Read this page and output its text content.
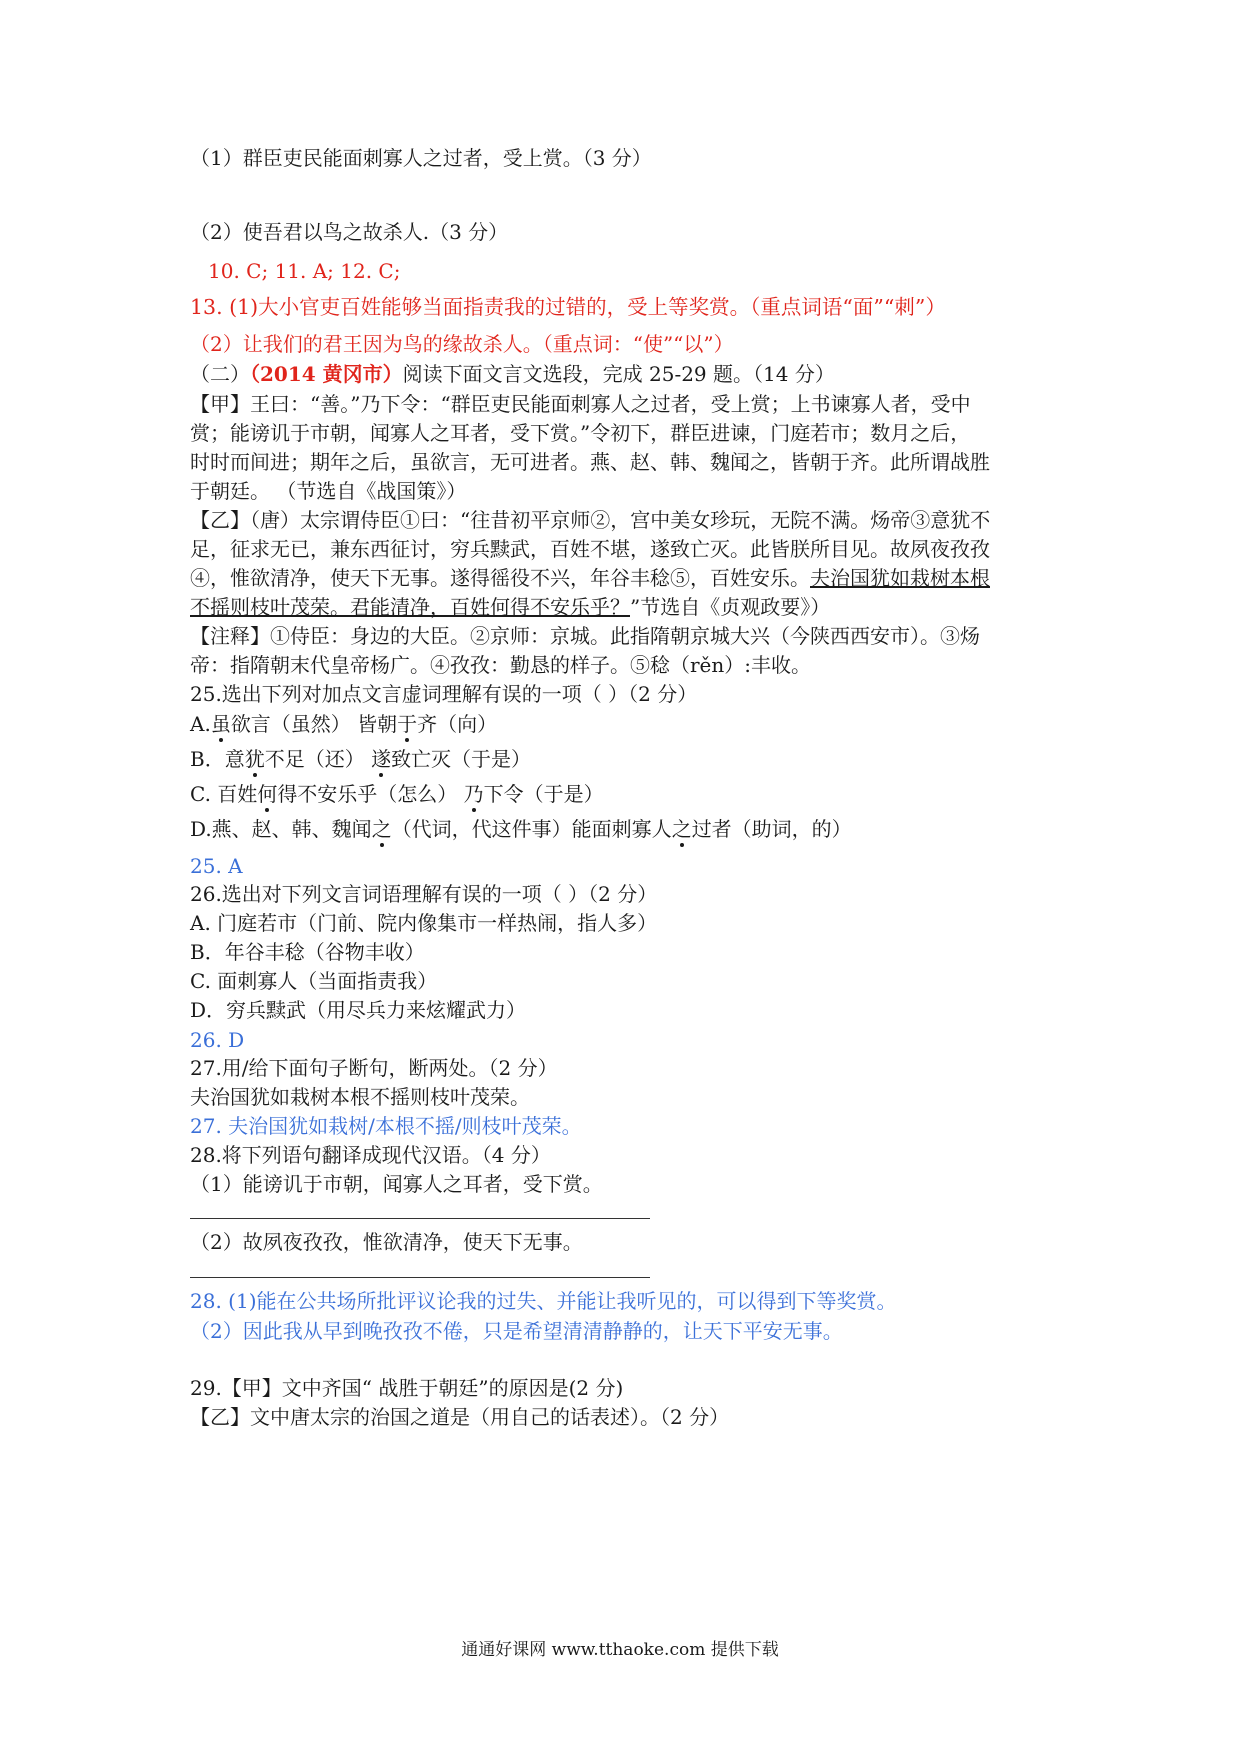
（1）群臣吏民能面刺寡人之过者，受上赏。（3 分）
（2）使吾君以鸟之故杀人.（3 分）
10. C; 11. A; 12. C;
13. (1)大小官吏百姓能够当面指责我的过错的，受上等奖赏。（重点词语“面”“刺”）
（2）让我们的君王因为鸟的缘故杀人。（重点词：“使”“以”）
（二）（2014 黄冈市）阅读下面文言文选段，完成 25-29 题。（14 分）
【甲】王曰：“善。”乃下令：“群臣吏民能面刺寡人之过者，受上赏；上书谏寡人者，受中
赏；能谤讥于市朝，闻寡人之耳者，受下赏。”令初下，群臣进谏，门庭若市；数月之后，
时时而间进；期年之后，虽欲言，无可进者。燕、赵、韩、魏闻之，皆朝于齐。此所谓战胜
于朝廷。 （节选自《战国策》）
【乙】（唐）太宗谓侍臣①曰：“往昔初平京师②，宫中美女珍玩，无院不满。炀帝③意犹不
足，征求无已，兼东西征讨，穷兵黩武，百姓不堪，遂致亡灭。此皆朕所目见。故夙夜孜孜
④，惟欲清净，使天下无事。遂得徭役不兴，年谷丰稔⑤，百姓安乐。夫治国犹如栽树本根
不摇则枝叶茂荣。君能清净，百姓何得不安乐乎？”节选自《贞观政要》）
【注释】①侍臣：身边的大臣。②京师：京城。此指隋朝京城大兴（今陕西西安市）。③炀
帝：指隋朝末代皇帝杨广。④孜孜：勤恳的样子。⑤稔（rěn）:丰收。
25.选出下列对加点文言虚词理解有误的一项（ ）（2 分）
A.虽欲言（虽然） 皆朝于齐（向）
B．意犹不足（还） 遂致亡灭（于是）
C. 百姓何得不安乐乎（怎么） 乃下令（于是）
D.燕、赵、韩、魏闻之（代词，代这件事）能面刺寡人之过者（助词，的）
25. A
26.选出对下列文言词语理解有误的一项（ ）（2 分）
A. 门庭若市（门前、院内像集市一样热闹，指人多）
B．年谷丰稔（谷物丰收）
C. 面刺寡人（当面指责我）
D．穷兵黩武（用尽兵力来炫耀武力）
26. D
27.用/给下面句子断句，断两处。（2 分）
夫治国犹如栽树本根不摇则枝叶茂荣。
27. 夫治国犹如栽树/本根不摇/则枝叶茂荣。
28.将下列语句翻译成现代汉语。（4 分）
（1）能谤讥于市朝，闻寡人之耳者，受下赏。
（2）故夙夜孜孜，惟欲清净，使天下无事。
28. (1)能在公共场所批评议论我的过失、并能让我听见的，可以得到下等奖赏。
（2）因此我从早到晚孜孜不倦，只是希望清清静静的，让天下平安无事。
29.【甲】文中齐国“ 战胜于朝廷”的原因是(2 分)
【乙】文中唐太宗的治国之道是（用自己的话表述）。（2 分）
通通好课网 www.tthaoke.com 提供下载
